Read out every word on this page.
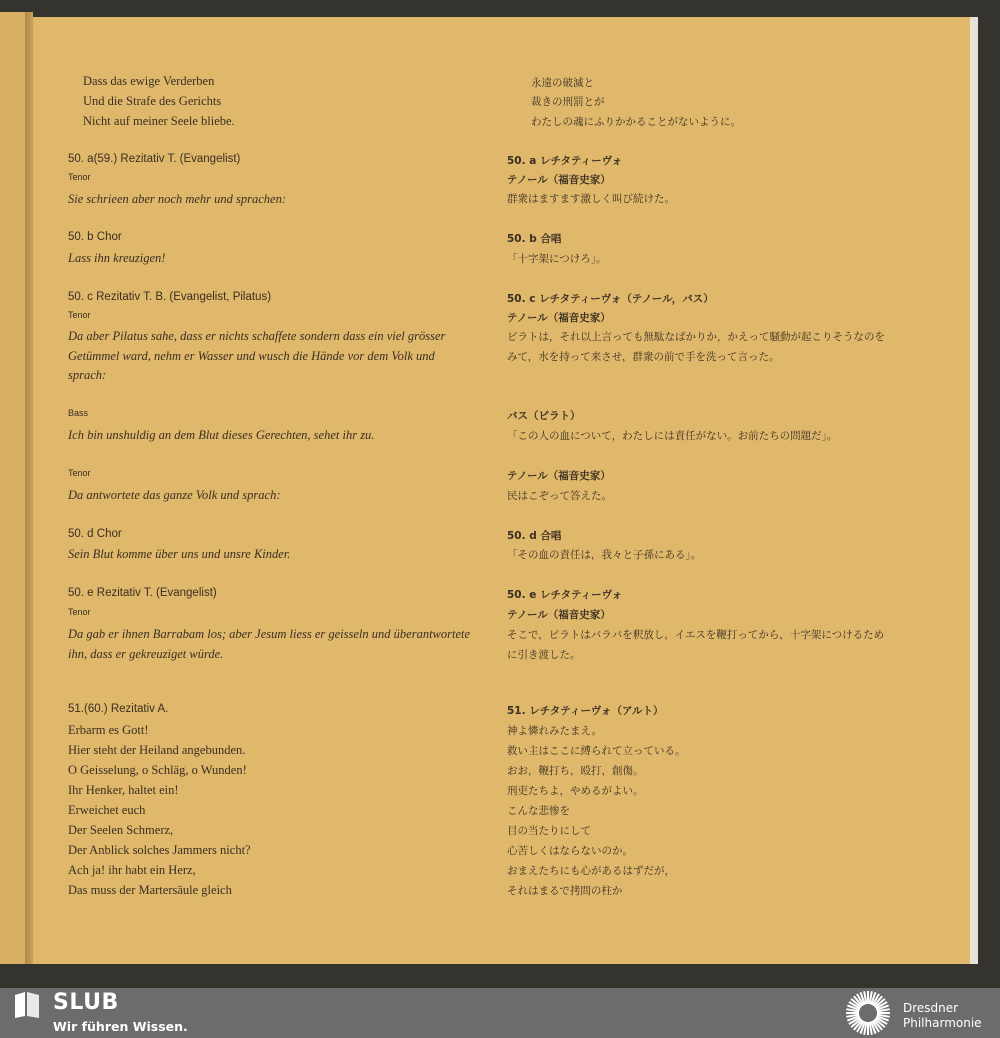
Dass das ewige Verderben
Und die Strafe des Gerichts
Nicht auf meiner Seele bliebe.
50. a(59.) Rezitativ T. (Evangelist)
Tenor
Sie schrieen aber noch mehr und sprachen:
50. b Chor
Lass ihn kreuzigen!
50. c Rezitativ T. B. (Evangelist, Pilatus)
Tenor
Da aber Pilatus sahe, dass er nichts schaffete sondern dass ein viel grösser
Getümmel ward, nehm er Wasser und wusch die Hände vor dem Volk und
sprach:
Bass
Ich bin unshuldig an dem Blut dieses Gerechten, sehet ihr zu.
Tenor
Da antwortete das ganze Volk und sprach:
50. d Chor
Sein Blut komme über uns und unsre Kinder.
50. e Rezitativ T. (Evangelist)
Tenor
Da gab er ihnen Barrabam los; aber Jesum liess er geisseln und überantwortete
ihn, dass er gekreuziget würde.
51.(60.) Rezitativ A.
Erbarm es Gott!
Hier steht der Heiland angebunden.
O Geisselung, o Schläg, o Wunden!
Ihr Henker, haltet ein!
Erweichet euch
Der Seelen Schmerz,
Der Anblick solches Jammers nicht?
Ach ja! ihr habt ein Herz,
Das muss der Martersäule gleich
永遠の破滅と
裁きの刑罰とが
わたしの魂にふりかかることがないように。
50. a レチタティーヴォ
テノール（福音史家）
群衆はますます激しく叫び続けた。
50. b 合唱
「十字架につけろ」。
50. c レチタティーヴォ（テノール，バス）
テノール（福音史家）
ピラトは，それ以上言っても無駄なばかりか，かえって騒動が起こりそうなのを
みて，水を持って来させ，群衆の前で手を洗って言った。
バス（ピラト）
「この人の血について，わたしには責任がない。お前たちの問題だ」。
テノール（福音史家）
民はこぞって答えた。
50. d 合唱
「その血の責任は，我々と子孫にある」。
50. e レチタティーヴォ
テノール（福音史家）
そこで，ピラトはバラバを釈放し，イエスを鞭打ってから，十字架につけるため
に引き渡した。
51. レチタティーヴォ（アルト）
神よ憐れみたまえ。
救い主はここに縛られて立っている。
おお，鞭打ち，殴打，創傷。
刑吏たちよ，やめるがよい。
こんな悲惨を
目の当たりにして
心苦しくはならないのか。
おまえたちにも心があるはずだが，
それはまるで拷問の柱か
SLUB
Wir führen Wissen.
Dresdner
Philharmonie
